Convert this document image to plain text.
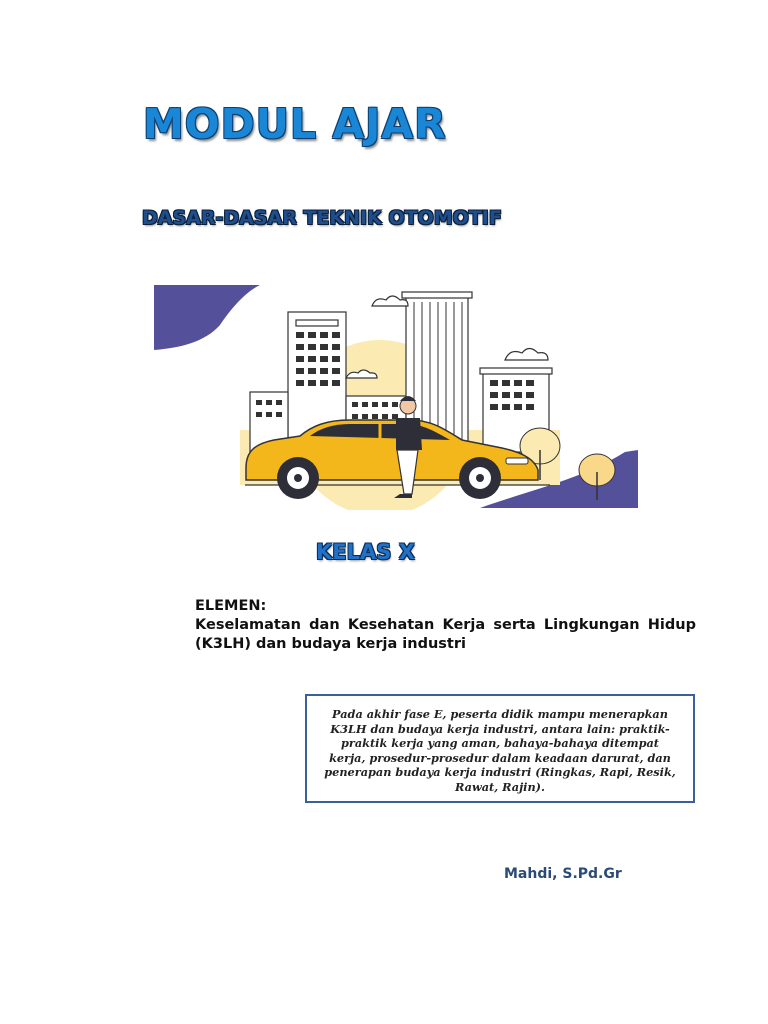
MODUL AJAR
DASAR-DASAR TEKNIK OTOMOTIF
KELAS X
ELEMEN:
Keselamatan dan Kesehatan Kerja serta Lingkungan Hidup (K3LH) dan budaya kerja industri
Pada akhir fase E, peserta didik mampu menerapkan K3LH dan budaya kerja industri, antara lain: praktik-praktik kerja yang aman, bahaya-bahaya ditempat kerja, prosedur-prosedur dalam keadaan darurat, dan penerapan budaya kerja industri (Ringkas, Rapi, Resik, Rawat, Rajin).
Mahdi, S.Pd.Gr
